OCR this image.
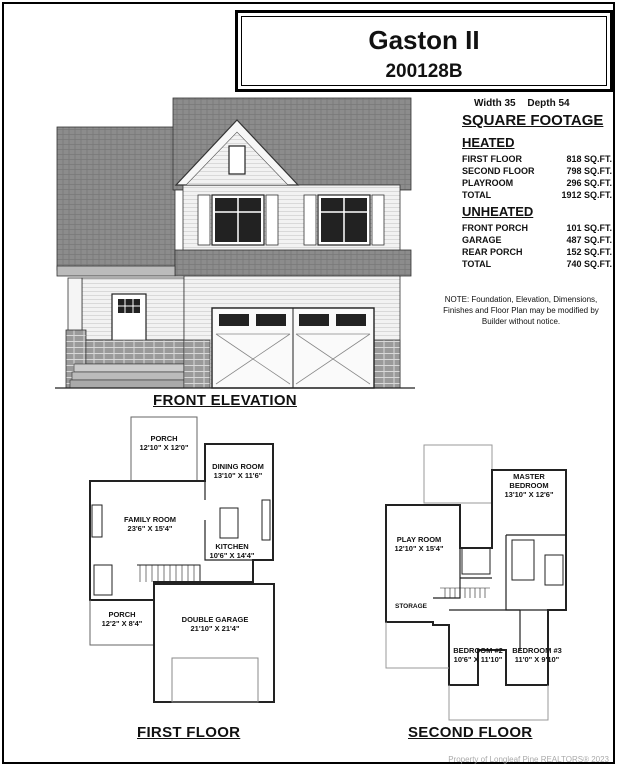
Gaston II
200128B
Width 35 Depth 54
SQUARE FOOTAGE
HEATED
FIRST FLOOR	818 SQ.FT.
SECOND FLOOR	798 SQ.FT.
PLAYROOM	296 SQ.FT.
TOTAL	1912 SQ.FT.
UNHEATED
FRONT PORCH	101 SQ.FT.
GARAGE	487 SQ.FT.
REAR PORCH	152 SQ.FT.
TOTAL	740 SQ.FT.
NOTE: Foundation, Elevation, Dimensions, Finishes and Floor Plan may be modified by Builder without notice.
FRONT ELEVATION
PORCH
12'10" X 12'0"
DINING ROOM
13'10" X 11'6"
FAMILY ROOM
23'6" X 15'4"
KITCHEN
10'6" X 14'4"
PORCH
12'2" X 8'4"	DOUBLE GARAGE
21'10" X 21'4"
FIRST FLOOR
MASTER
BEDROOM
13'10" X 12'6"
PLAY ROOM
12'10" X 15'4"
STORAGE
BEDROOM #2
10'6" X 11'10"
BEDROOM #3
11'0" X 9'10"
SECOND FLOOR
Property of Longleaf Pine REALTORS® 2023
